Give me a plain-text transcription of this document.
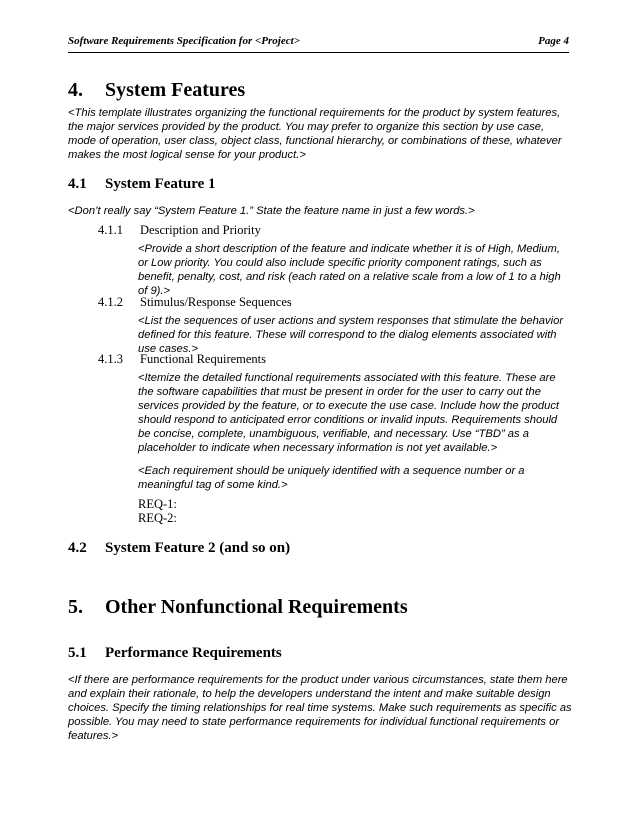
Software Requirements Specification for <Project>	Page 4
4. System Features

<This template illustrates organizing the functional requirements for the product by system features, the major services provided by the product. You may prefer to organize this section by use case, mode of operation, user class, object class, functional hierarchy, or combinations of these, whatever makes the most logical sense for your product.>

4.1 System Feature 1

<Don’t really say “System Feature 1.” State the feature name in just a few words.>

4.1.1 Description and Priority

<Provide a short description of the feature and indicate whether it is of High, Medium, or Low priority. You could also include specific priority component ratings, such as benefit, penalty, cost, and risk (each rated on a relative scale from a low of 1 to a high of 9).>

4.1.2 Stimulus/Response Sequences

<List the sequences of user actions and system responses that stimulate the behavior defined for this feature. These will correspond to the dialog elements associated with use cases.>

4.1.3 Functional Requirements

<Itemize the detailed functional requirements associated with this feature. These are the software capabilities that must be present in order for the user to carry out the services provided by the feature, or to execute the use case. Include how the product should respond to anticipated error conditions or invalid inputs. Requirements should be concise, complete, unambiguous, verifiable, and necessary. Use “TBD” as a placeholder to indicate when necessary information is not yet available.>

<Each requirement should be uniquely identified with a sequence number or a meaningful tag of some kind.>

REQ-1:
REQ-2:
4.2 System Feature 2 (and so on)
5. Other Nonfunctional Requirements
5.1 Performance Requirements

<If there are performance requirements for the product under various circumstances, state them here and explain their rationale, to help the developers understand the intent and make suitable design choices. Specify the timing relationships for real time systems. Make such requirements as specific as possible. You may need to state performance requirements for individual functional requirements or features.>
